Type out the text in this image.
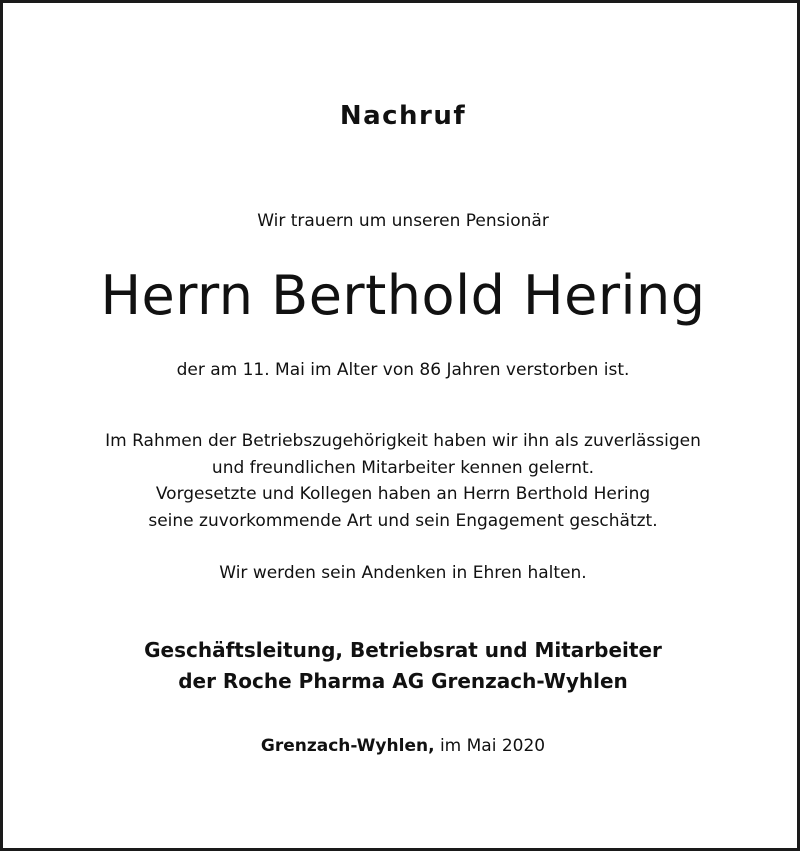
Nachruf

Wir trauern um unseren Pensionär

Herrn Berthold Hering

der am 11. Mai im Alter von 86 Jahren verstorben ist.

Im Rahmen der Betriebszugehörigkeit haben wir ihn als zuverlässigen
und freundlichen Mitarbeiter kennen gelernt.
Vorgesetzte und Kollegen haben an Herrn Berthold Hering
seine zuvorkommende Art und sein Engagement geschätzt.

Wir werden sein Andenken in Ehren halten.

Geschäftsleitung, Betriebsrat und Mitarbeiter
der Roche Pharma AG Grenzach-Wyhlen

Grenzach-Wyhlen, im Mai 2020
